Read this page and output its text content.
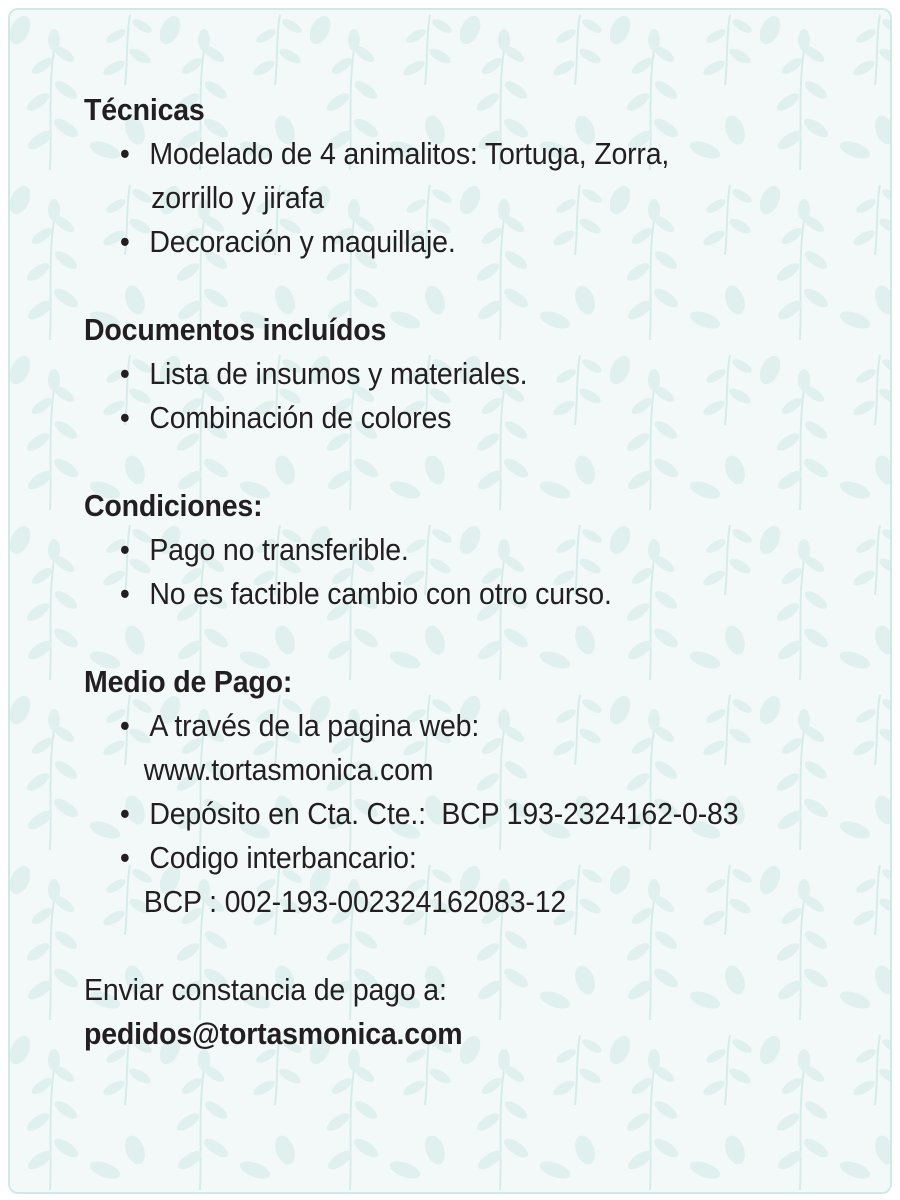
Técnicas

• Modelado de 4 animalitos: Tortuga, Zorra,
zorrillo y jirafa
• Decoración y maquillaje.

Documentos incluídos

• Lista de insumos y materiales.
• Combinación de colores

Condiciones:

• Pago no transferible.
• No es factible cambio con otro curso.

Medio de Pago:

• A través de la pagina web:
www.tortasmonica.com
• Depósito en Cta. Cte.:  BCP 193-2324162-0-83
• Codigo interbancario:
BCP : 002-193-002324162083-12

Enviar constancia de pago a:

pedidos@tortasmonica.com
